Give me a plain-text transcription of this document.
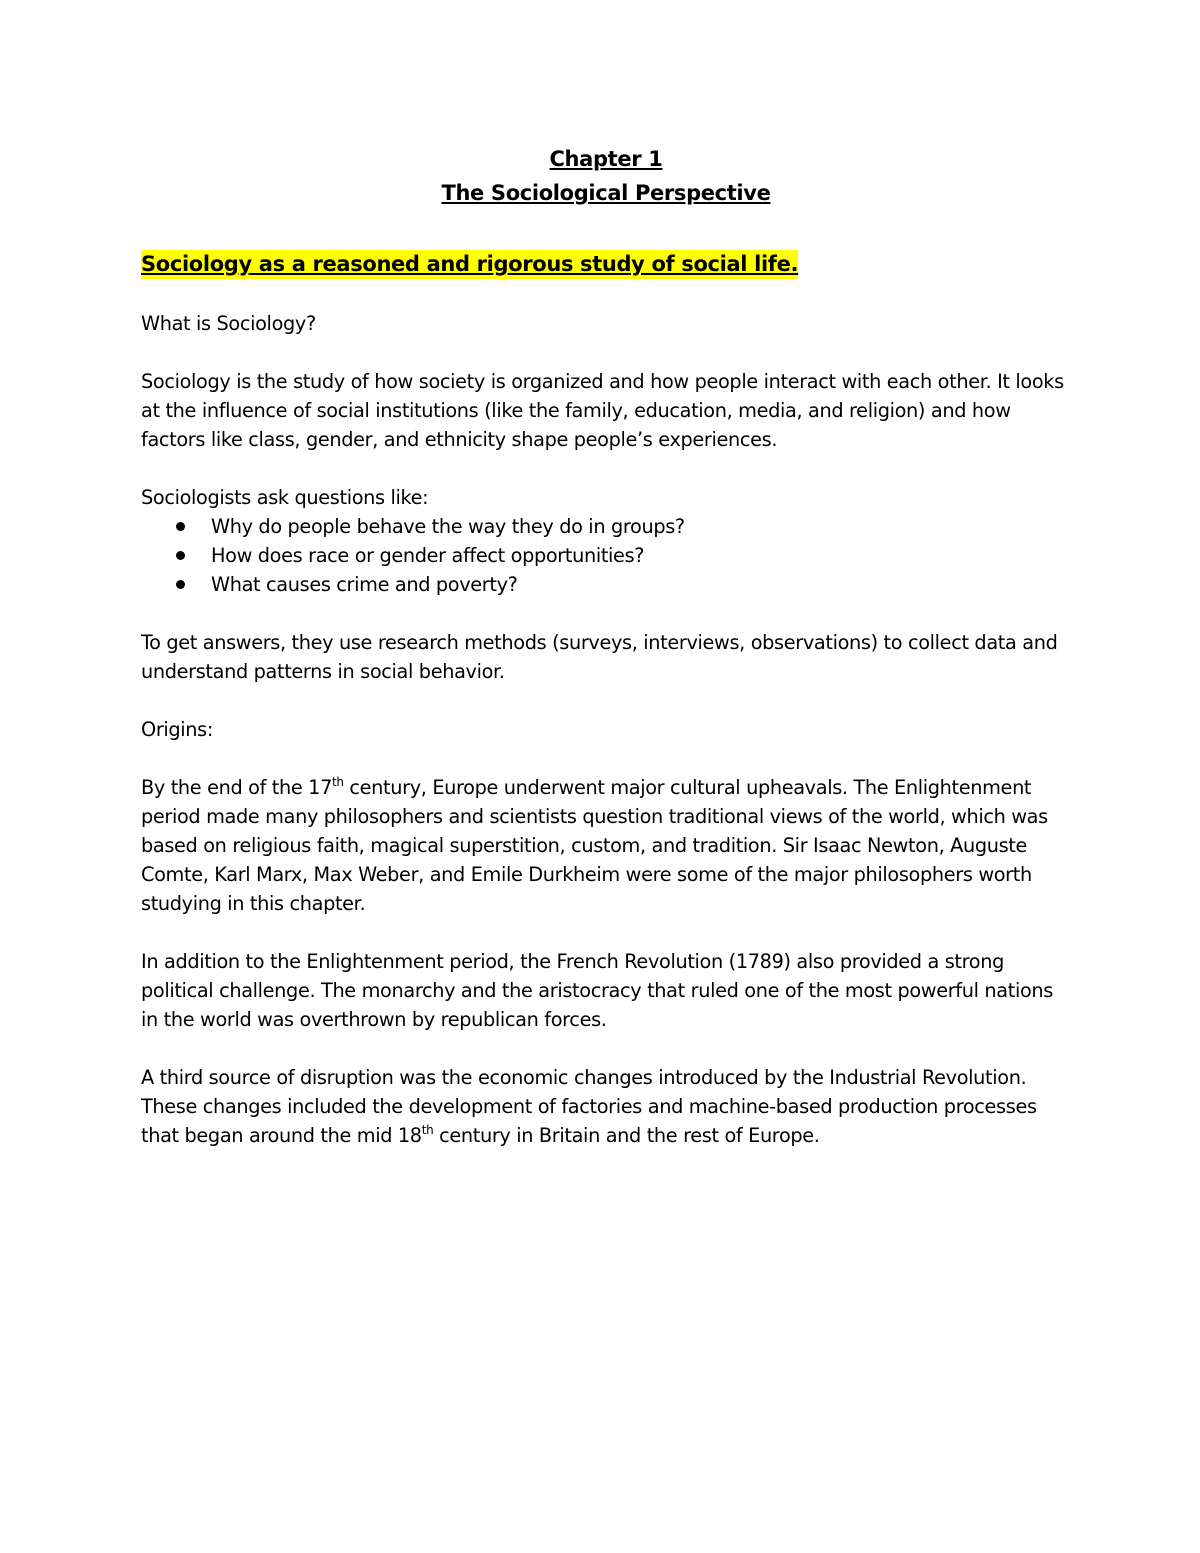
Chapter 1
The Sociological Perspective
Sociology as a reasoned and rigorous study of social life.

What is Sociology?

Sociology is the study of how society is organized and how people interact with each other. It looks at the influence of social institutions (like the family, education, media, and religion) and how factors like class, gender, and ethnicity shape people’s experiences.

Sociologists ask questions like:

Why do people behave the way they do in groups?
How does race or gender affect opportunities?
What causes crime and poverty?

To get answers, they use research methods (surveys, interviews, observations) to collect data and understand patterns in social behavior.

Origins:

By the end of the 17th century, Europe underwent major cultural upheavals. The Enlightenment period made many philosophers and scientists question traditional views of the world, which was based on religious faith, magical superstition, custom, and tradition. Sir Isaac Newton, Auguste Comte, Karl Marx, Max Weber, and Emile Durkheim were some of the major philosophers worth studying in this chapter.

In addition to the Enlightenment period, the French Revolution (1789) also provided a strong political challenge. The monarchy and the aristocracy that ruled one of the most powerful nations in the world was overthrown by republican forces.

A third source of disruption was the economic changes introduced by the Industrial Revolution. These changes included the development of factories and machine-based production processes that began around the mid 18th century in Britain and the rest of Europe.
